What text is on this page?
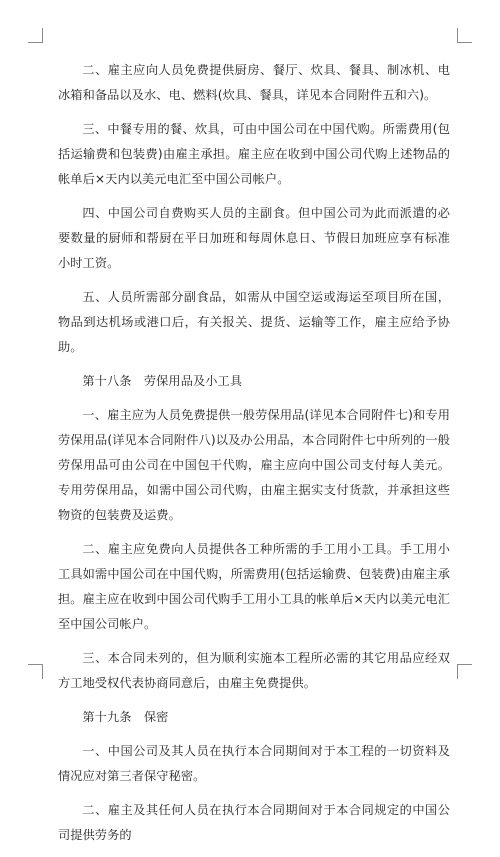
二、雇主应向人员免费提供厨房、餐厅、炊具、餐具、制冰机、电冰箱和备品以及水、电、燃料(炊具、餐具，详见本合同附件五和六)。

三、中餐专用的餐、炊具，可由中国公司在中国代购。所需费用(包括运输费和包装费)由雇主承担。雇主应在收到中国公司代购上述物品的帐单后×天内以美元电汇至中国公司帐户。

四、中国公司自费购买人员的主副食。但中国公司为此而派遣的必要数量的厨师和帮厨在平日加班和每周休息日、节假日加班应享有标准小时工资。

五、人员所需部分副食品，如需从中国空运或海运至项目所在国，物品到达机场或港口后，有关报关、提货、运输等工作，雇主应给予协助。

第十八条　劳保用品及小工具

一、雇主应为人员免费提供一般劳保用品(详见本合同附件七)和专用劳保用品(详见本合同附件八)以及办公用品，本合同附件七中所列的一般劳保用品可由公司在中国包干代购，雇主应向中国公司支付每人美元。专用劳保用品，如需中国公司代购，由雇主据实支付货款，并承担这些物资的包装费及运费。

二、雇主应免费向人员提供各工种所需的手工用小工具。手工用小工具如需中国公司在中国代购，所需费用(包括运输费、包装费)由雇主承担。雇主应在收到中国公司代购手工用小工具的帐单后×天内以美元电汇至中国公司帐户。

三、本合同未列的，但为顺利实施本工程所必需的其它用品应经双方工地受权代表协商同意后，由雇主免费提供。

第十九条　保密

一、中国公司及其人员在执行本合同期间对于本工程的一切资料及情况应对第三者保守秘密。

二、雇主及其任何人员在执行本合同期间对于本合同规定的中国公司提供劳务的
